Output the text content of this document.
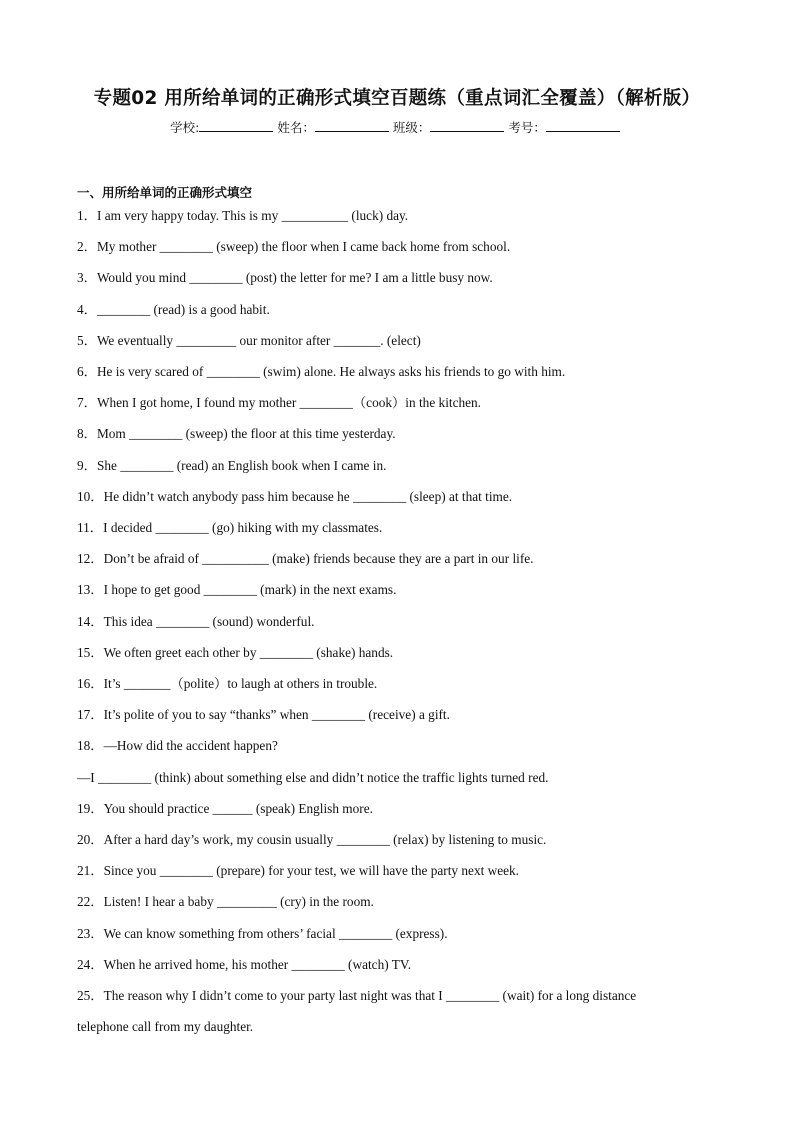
专题02 用所给单词的正确形式填空百题练（重点词汇全覆盖）（解析版）
学校:	姓名：	班级：	考号：
一、用所给单词的正确形式填空
1．I am very happy today. This is my __________ (luck) day.
2．My mother ________ (sweep) the floor when I came back home from school.
3．Would you mind ________ (post) the letter for me? I am a little busy now.
4．________ (read) is a good habit.
5．We eventually _________ our monitor after _______. (elect)
6．He is very scared of ________ (swim) alone. He always asks his friends to go with him.
7．When I got home, I found my mother ________（cook）in the kitchen.
8．Mom ________ (sweep) the floor at this time yesterday.
9．She ________ (read) an English book when I came in.
10．He didn’t watch anybody pass him because he ________ (sleep) at that time.
11．I decided ________ (go) hiking with my classmates.
12．Don’t be afraid of __________ (make) friends because they are a part in our life.
13．I hope to get good ________ (mark) in the next exams.
14．This idea ________ (sound) wonderful.
15．We often greet each other by ________ (shake) hands.
16．It’s _______（polite）to laugh at others in trouble.
17．It’s polite of you to say “thanks” when ________ (receive) a gift.
18．—How did the accident happen?
—I ________ (think) about something else and didn’t notice the traffic lights turned red.
19．You should practice ______ (speak) English more.
20．After a hard day’s work, my cousin usually ________ (relax) by listening to music.
21．Since you ________ (prepare) for your test, we will have the party next week.
22．Listen! I hear a baby _________ (cry) in the room.
23．We can know something from others’ facial ________ (express).
24．When he arrived home, his mother ________ (watch) TV.
25．The reason why I didn’t come to your party last night was that I ________ (wait) for a long distance
telephone call from my daughter.
